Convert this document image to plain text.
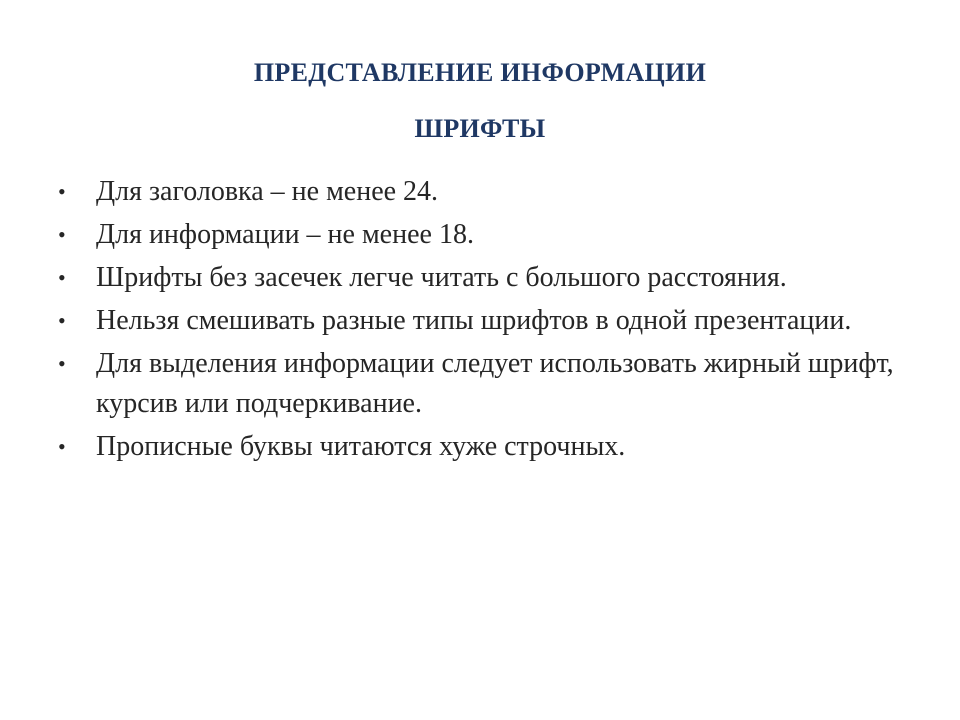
ПРЕДСТАВЛЕНИЕ ИНФОРМАЦИИ
ШРИФТЫ
• Для заголовка – не менее 24.
• Для информации – не менее 18.
• Шрифты без засечек легче читать с большого расстояния.
• Нельзя смешивать разные типы шрифтов в одной презентации.
• Для выделения информации следует использовать жирный шрифт, курсив или подчеркивание.
• Прописные буквы читаются хуже строчных.
